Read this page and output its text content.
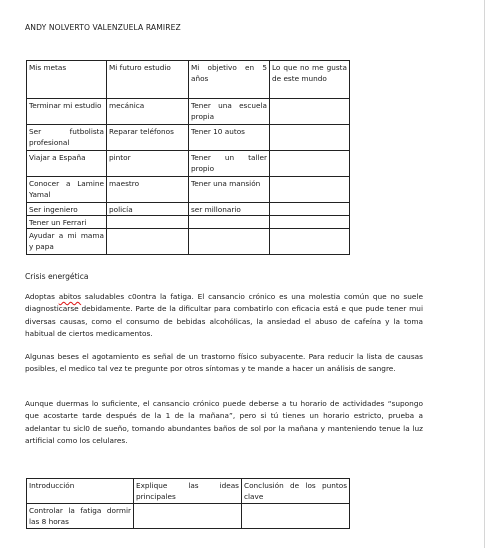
ANDY NOLVERTO VALENZUELA RAMIREZ
Mis metas	Mi futuro estudio	Mi objetivo en 5 años	Lo que no me gusta de este mundo
Terminar mi estudio	mecánica	Tener una escuela propia	
Ser futbolista profesional	Reparar teléfonos	Tener 10 autos	
Viajar a España	pintor	Tener un taller propio	
Conocer a Lamine Yamal	maestro	Tener una mansión	
Ser ingeniero	policía	ser millonario	
Tener un Ferrari			
Ayudar a mi mama y papa			
Crisis energética

Adoptas abitos saludables c0ontra la fatiga. El cansancio crónico es una molestia común que no suele diagnosticarse debidamente. Parte de la dificultar para combatirlo con eficacia está e que pude tener mui diversas causas, como el consumo de bebidas alcohólicas, la ansiedad el abuso de cafeína y la toma habitual de ciertos medicamentos.

Algunas beses el agotamiento es señal de un trastorno físico subyacente. Para reducir la lista de causas posibles, el medico tal vez te pregunte por otros síntomas y te mande a hacer un análisis de sangre.

Aunque duermas lo suficiente, el cansancio crónico puede deberse a tu horario de actividades “supongo que acostarte tarde después de la 1 de la mañana”, pero si tú tienes un horario estricto, prueba a adelantar tu sicl0 de sueño, tomando abundantes baños de sol por la mañana y manteniendo tenue la luz artificial como los celulares.

Introducción	Explique las ideas principales	Conclusión de los puntos clave
Controlar la fatiga dormir las 8 horas		
